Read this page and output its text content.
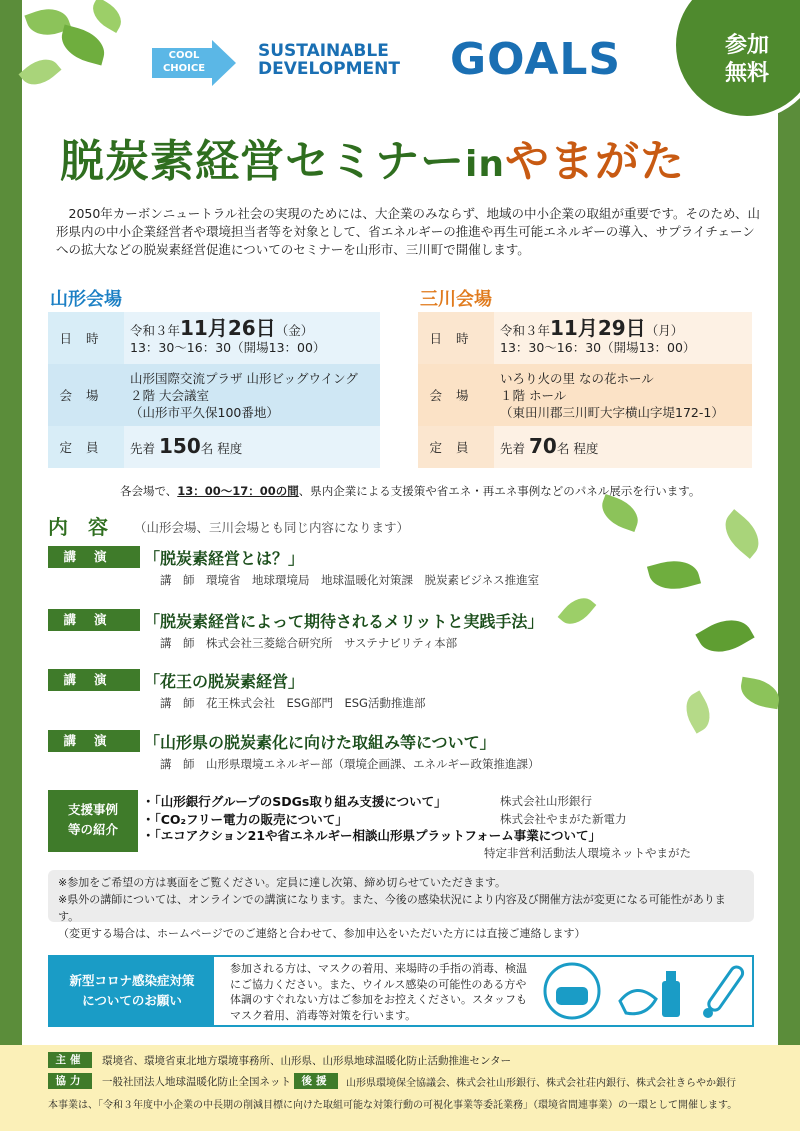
参加
無料
COOL
CHOICE
SUSTAINABLE
DEVELOPMENT GOALS
脱炭素経営セミナーinやまがた
2050年カーボンニュートラル社会の実現のためには、大企業のみならず、地域の中小企業の取組が重要です。そのため、山形県内の中小企業経営者や環境担当者等を対象として、省エネルギーの推進や再生可能エネルギーの導入、サプライチェーンへの拡大などの脱炭素経営促進についてのセミナーを山形市、三川町で開催します。
山形会場
日時	令和３年11月26日（金）
13：30〜16：30（開場13：00）
会場	山形国際交流プラザ 山形ビッグウイング
２階 大会議室
（山形市平久保100番地）

定員	先着 150名 程度
三川会場
日時	令和３年11月29日（月）
13：30〜16：30（開場13：00）
会場	いろり火の里 なの花ホール
１階 ホール
（東田川郡三川町大字横山字堤172-1）

定員	先着 70名 程度
各会場で、13：00〜17：00の間、県内企業による支援策や省エネ・再エネ事例などのパネル展示を行います。
内　容 （山形会場、三川会場とも同じ内容になります）
講演	「脱炭素経営とは？」
講　師　環境省　地球環境局　地球温暖化対策課　脱炭素ビジネス推進室
講演	「脱炭素経営によって期待されるメリットと実践手法」
講　師　株式会社三菱総合研究所　サステナビリティ本部
講演	「花王の脱炭素経営」
講　師　花王株式会社　ESG部門　ESG活動推進部
講演	「山形県の脱炭素化に向けた取組み等について」
講　師　山形県環境エネルギー部（環境企画課、エネルギー政策推進課）
支援事例
等の紹介
・「山形銀行グループのSDGs取り組み支援について」	株式会社山形銀行
・「CO₂フリー電力の販売について」	株式会社やまがた新電力
・「エコアクション21や省エネルギー相談山形県プラットフォーム事業について」
特定非営利活動法人環境ネットやまがた
※参加をご希望の方は裏面をご覧ください。定員に達し次第、締め切らせていただきます。
※県外の講師については、オンラインでの講演になります。また、今後の感染状況により内容及び開催方法が変更になる可能性があります。
（変更する場合は、ホームページでのご連絡と合わせて、参加申込をいただいた方には直接ご連絡します）
新型コロナ感染症対策
についてのお願い
参加される方は、マスクの着用、来場時の手指の消毒、検温にご協力ください。また、ウイルス感染の可能性のある方や体調のすぐれない方はご参加をお控えください。スタッフもマスク着用、消毒等対策を行います。
主催	環境省、環境省東北地方環境事務所、山形県、山形県地球温暖化防止活動推進センター
協力	一般社団法人地球温暖化防止全国ネット	後援	山形県環境保全協議会、株式会社山形銀行、株式会社荘内銀行、株式会社きらやか銀行
本事業は、「令和３年度中小企業の中長期の削減目標に向けた取組可能な対策行動の可視化事業等委託業務」（環境省間連事業）の一環として開催します。
